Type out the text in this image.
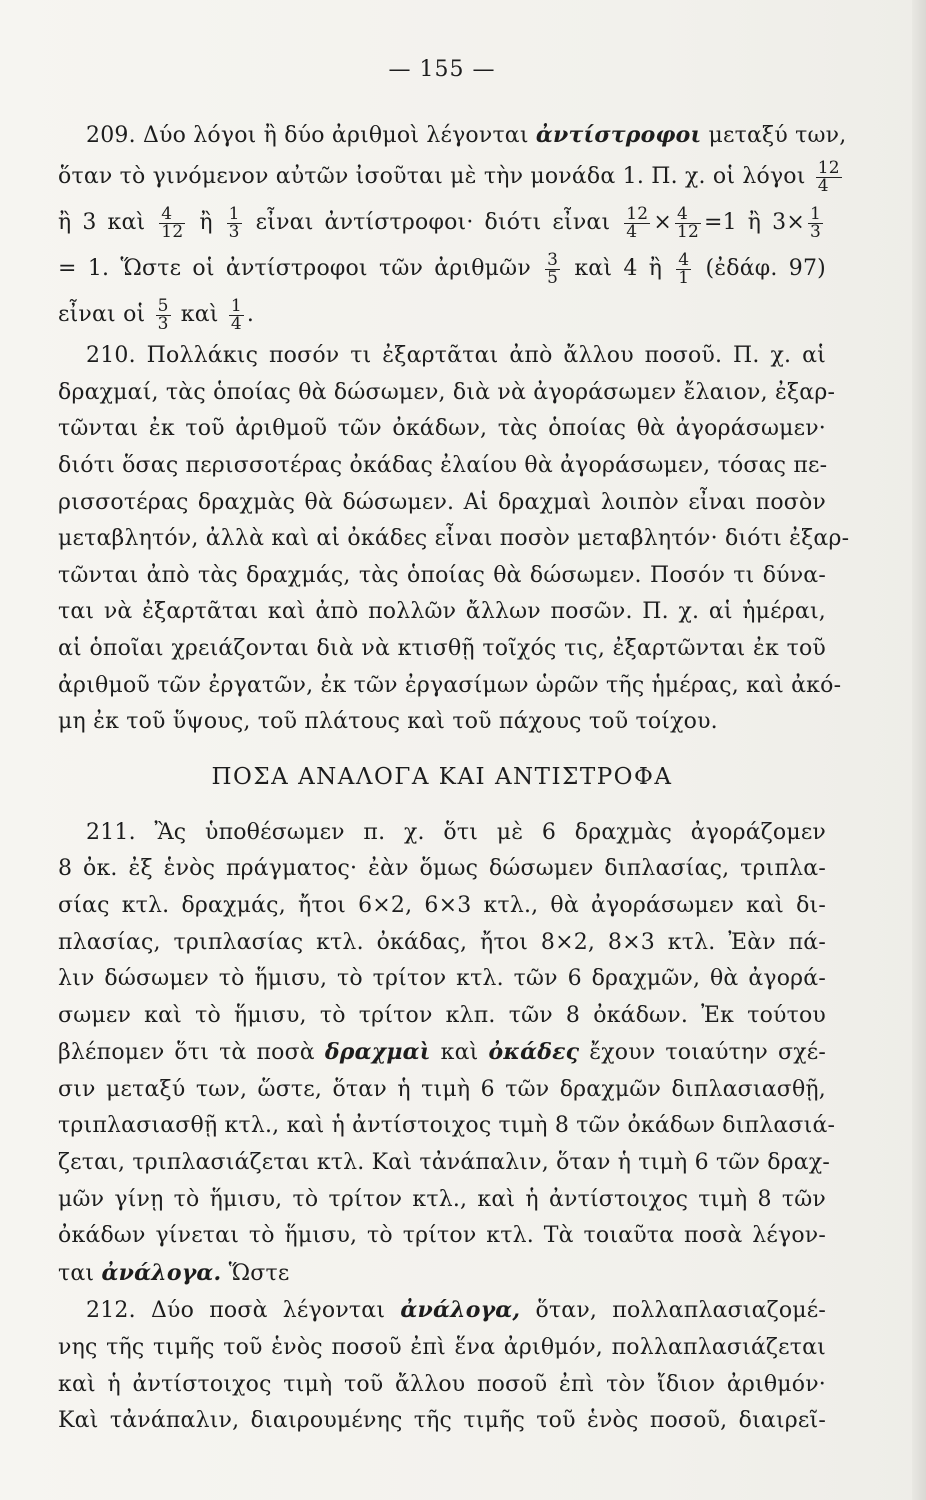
— 155 —
209. Δύο λόγοι ἢ δύο ἀριθμοὶ λέγονται ἀντίστροφοι μεταξύ των,
ὅταν τὸ γινόμενον αὐτῶν ἰσοῦται μὲ τὴν μονάδα 1. Π. χ. οἱ λόγοι $\frac{12}{4}$
ἢ 3 καὶ $\frac{4}{12}$ ἢ $\frac{1}{3}$ εἶναι ἀντίστροφοι· διότι εἶναι $\frac{12}{4} \times \frac{4}{12} =1$ ἢ $3\times \frac{1}{3}$
= 1. Ὥστε οἱ ἀντίστροφοι τῶν ἀριθμῶν $\frac{3}{5}$ καὶ 4 ἢ $\frac{4}{1}$ (ἐδάφ. 97)
εἶναι οἱ $\frac{5}{3}$ καὶ $\frac{1}{4}$ .
210. Πολλάκις ποσόν τι ἐξαρτᾶται ἀπὸ ἄλλου ποσοῦ. Π. χ. αἱ
δραχμαί, τὰς ὁποίας θὰ δώσωμεν, διὰ νὰ ἀγοράσωμεν ἔλαιον, ἐξαρ-
τῶνται ἐκ τοῦ ἀριθμοῦ τῶν ὀκάδων, τὰς ὁποίας θὰ ἀγοράσωμεν·
διότι ὅσας περισσοτέρας ὀκάδας ἐλαίου θὰ ἀγοράσωμεν, τόσας πε-
ρισσοτέρας δραχμὰς θὰ δώσωμεν. Αἱ δραχμαὶ λοιπὸν εἶναι ποσὸν
μεταβλητόν, ἀλλὰ καὶ αἱ ὀκάδες εἶναι ποσὸν μεταβλητόν· διότι ἐξαρ-
τῶνται ἀπὸ τὰς δραχμάς, τὰς ὁποίας θὰ δώσωμεν. Ποσόν τι δύνα-
ται νὰ ἐξαρτᾶται καὶ ἀπὸ πολλῶν ἄλλων ποσῶν. Π. χ. αἱ ἡμέραι,
αἱ ὁποῖαι χρειάζονται διὰ νὰ κτισθῇ τοῖχός τις, ἐξαρτῶνται ἐκ τοῦ
ἀριθμοῦ τῶν ἐργατῶν, ἐκ τῶν ἐργασίμων ὡρῶν τῆς ἡμέρας, καὶ ἀκό-
μη ἐκ τοῦ ὕψους, τοῦ πλάτους καὶ τοῦ πάχους τοῦ τοίχου.
ΠΟΣΑ ΑΝΑΛΟΓΑ ΚΑΙ ΑΝΤΙΣΤΡΟΦΑ
211. Ἂς ὑποθέσωμεν π. χ. ὅτι μὲ 6 δραχμὰς ἀγοράζομεν
8 ὀκ. ἐξ ἑνὸς πράγματος· ἐὰν ὅμως δώσωμεν διπλασίας, τριπλα-
σίας κτλ. δραχμάς, ἤτοι 6×2, 6×3 κτλ., θὰ ἀγοράσωμεν καὶ δι-
πλασίας, τριπλασίας κτλ. ὀκάδας, ἤτοι 8×2, 8×3 κτλ. Ἐὰν πά-
λιν δώσωμεν τὸ ἥμισυ, τὸ τρίτον κτλ. τῶν 6 δραχμῶν, θὰ ἀγορά-
σωμεν καὶ τὸ ἥμισυ, τὸ τρίτον κλπ. τῶν 8 ὀκάδων. Ἐκ τούτου
βλέπομεν ὅτι τὰ ποσὰ δραχμαὶ καὶ ὀκάδες ἔχουν τοιαύτην σχέ-
σιν μεταξύ των, ὥστε, ὅταν ἡ τιμὴ 6 τῶν δραχμῶν διπλασιασθῇ,
τριπλασιασθῇ κτλ., καὶ ἡ ἀντίστοιχος τιμὴ 8 τῶν ὀκάδων διπλασιά-
ζεται, τριπλασιάζεται κτλ. Καὶ τἀνάπαλιν, ὅταν ἡ τιμὴ 6 τῶν δραχ-
μῶν γίνῃ τὸ ἥμισυ, τὸ τρίτον κτλ., καὶ ἡ ἀντίστοιχος τιμὴ 8 τῶν
ὀκάδων γίνεται τὸ ἥμισυ, τὸ τρίτον κτλ. Τὰ τοιαῦτα ποσὰ λέγον-
ται ἀνάλογα. Ὥστε
212. Δύο ποσὰ λέγονται ἀνάλογα, ὅταν, πολλαπλασιαζομέ-
νης τῆς τιμῆς τοῦ ἑνὸς ποσοῦ ἐπὶ ἕνα ἀριθμόν, πολλαπλασιάζεται
καὶ ἡ ἀντίστοιχος τιμὴ τοῦ ἄλλου ποσοῦ ἐπὶ τὸν ἴδιον ἀριθμόν·
Καὶ τἀνάπαλιν, διαιρουμένης τῆς τιμῆς τοῦ ἑνὸς ποσοῦ, διαιρεῖ-
